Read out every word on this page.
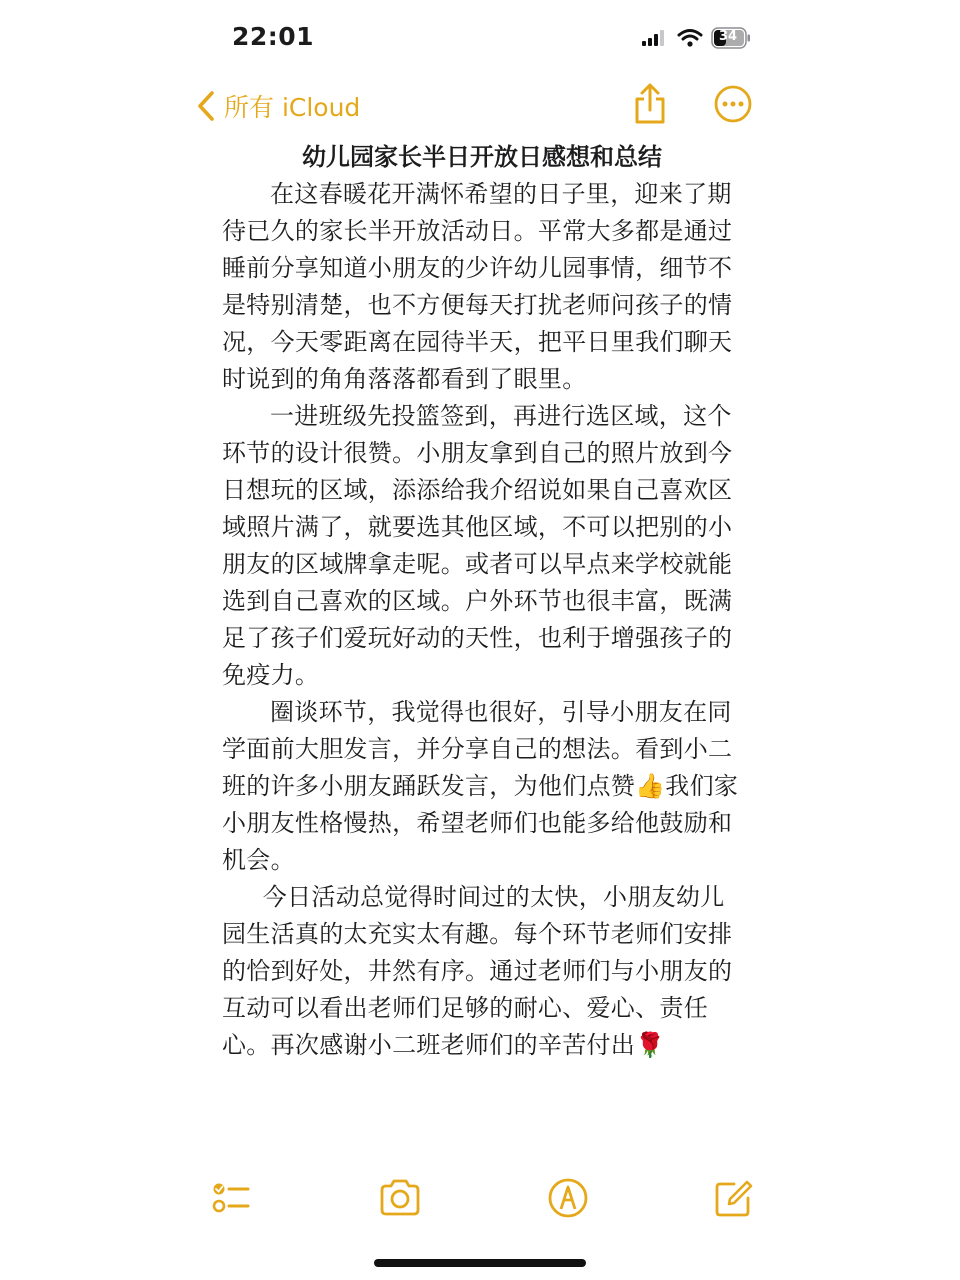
22:01	34
所有 iCloud

幼儿园家长半日开放日感想和总结

在这春暖花开满怀希望的日子里，迎来了期待已久的家长半开放活动日。平常大多都是通过睡前分享知道小朋友的少许幼儿园事情，细节不是特别清楚，也不方便每天打扰老师问孩子的情况，今天零距离在园待半天，把平日里我们聊天时说到的角角落落都看到了眼里。

一进班级先投篮签到，再进行选区域，这个环节的设计很赞。小朋友拿到自己的照片放到今日想玩的区域，添添给我介绍说如果自己喜欢区域照片满了，就要选其他区域，不可以把别的小朋友的区域牌拿走呢。或者可以早点来学校就能选到自己喜欢的区域。户外环节也很丰富，既满足了孩子们爱玩好动的天性，也利于增强孩子的免疫力。

圈谈环节，我觉得也很好，引导小朋友在同学面前大胆发言，并分享自己的想法。看到小二班的许多小朋友踊跃发言，为他们点赞👍我们家小朋友性格慢热，希望老师们也能多给他鼓励和机会。

今日活动总觉得时间过的太快，小朋友幼儿园生活真的太充实太有趣。每个环节老师们安排的恰到好处，井然有序。通过老师们与小朋友的互动可以看出老师们足够的耐心、爱心、责任心。再次感谢小二班老师们的辛苦付出🌹
